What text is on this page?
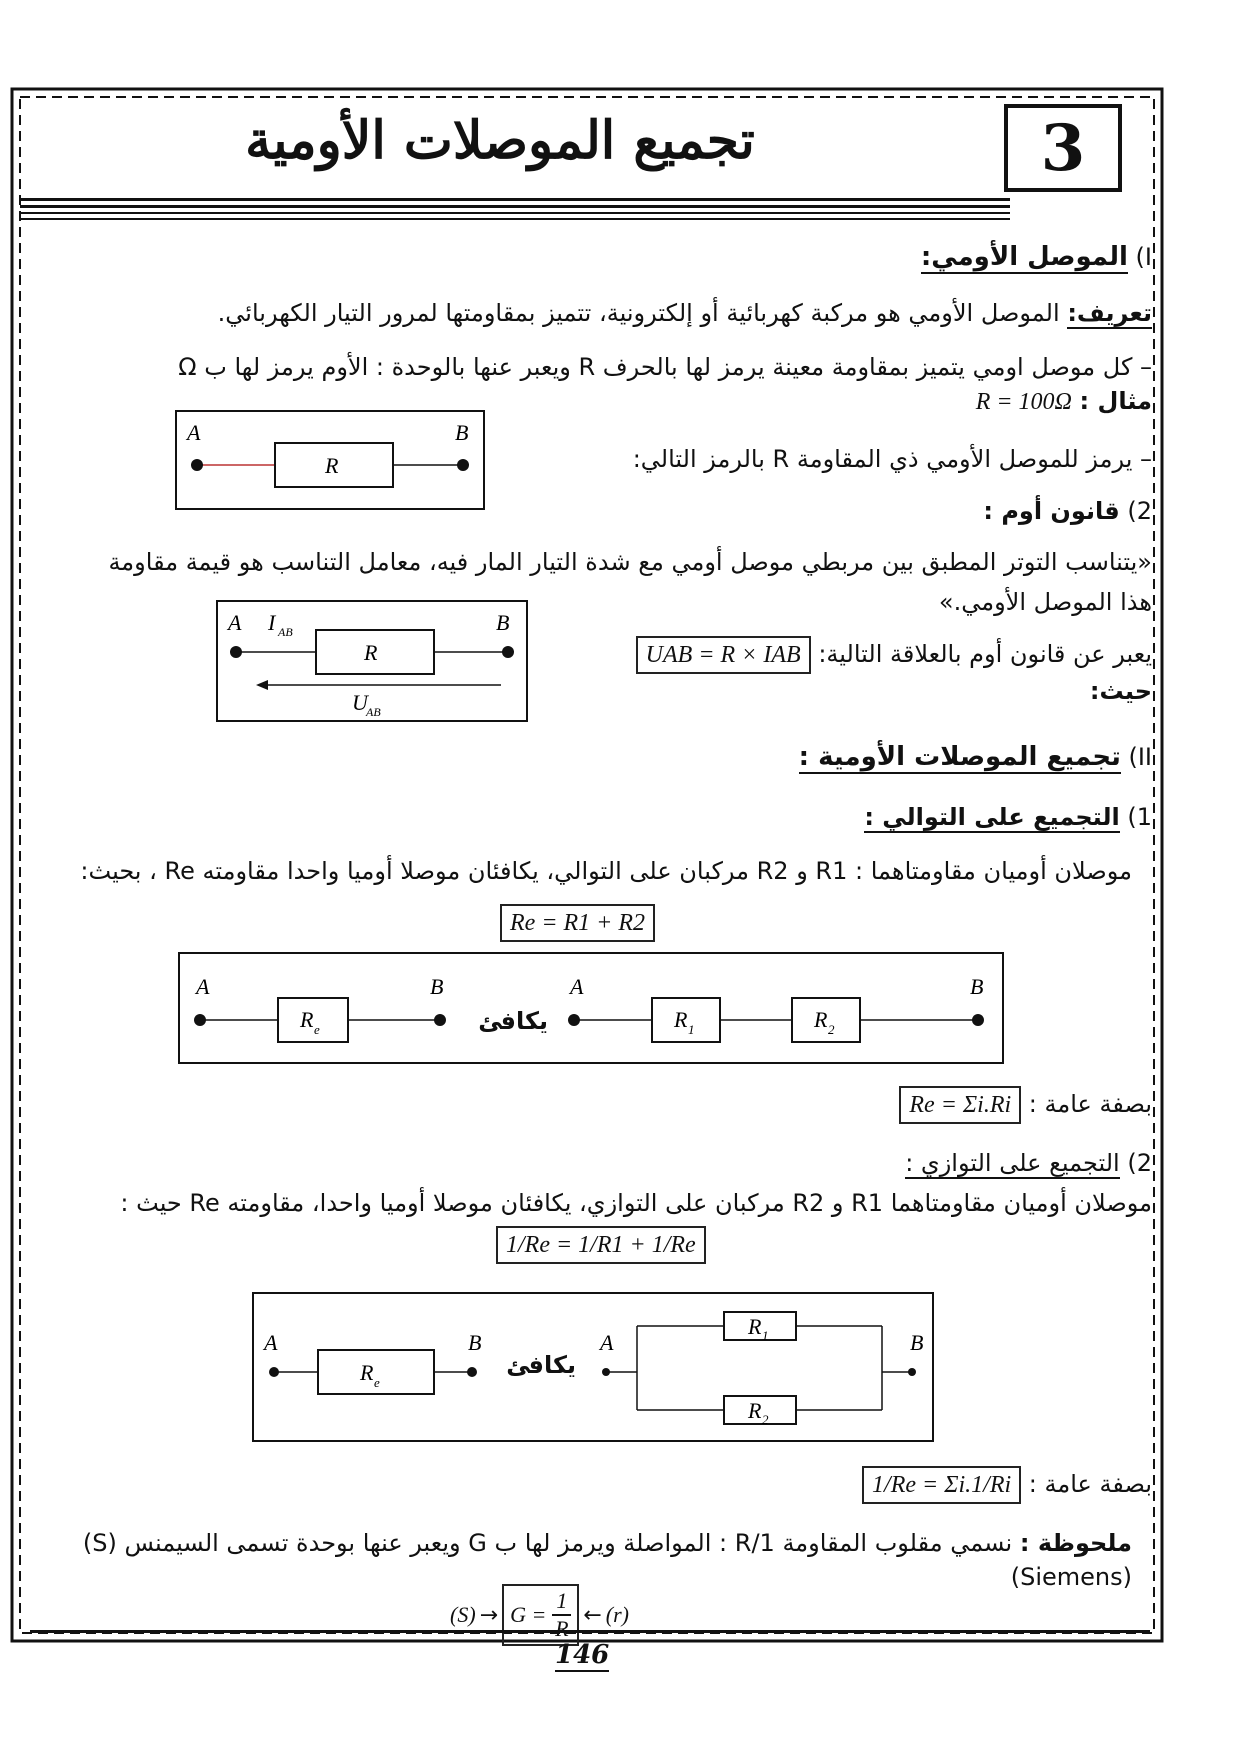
3
تجميع الموصلات الأومية
I) الموصل الأومي:
تعريف: الموصل الأومي هو مركبة كهربائية أو إلكترونية، تتميز بمقاومتها لمرور التيار الكهربائي.
– كل موصل اومي يتميز بمقاومة معينة يرمز لها بالحرف R ويعبر عنها بالوحدة : الأوم يرمز لها ب Ω
مثال : R = 100Ω
– يرمز للموصل الأومي ذي المقاومة R بالرمز التالي:
A	B
R
2) قانون أوم :
«يتناسب التوتر المطبق بين مربطي موصل أومي مع شدة التيار المار فيه، معامل التناسب هو قيمة مقاومة هذا الموصل الأومي.»
A	B
R
I AB
U
AB
يعبر عن قانون أوم بالعلاقة التالية: UAB = R × IAB حيث:
II) تجميع الموصلات الأومية :
1) التجميع على التوالي :
موصلان أوميان مقاومتاهما : R1 و R2 مركبان على التوالي، يكافئان موصلا أوميا واحدا مقاومته Re ، بحيث:
Re = R1 + R2
A	B
R e
A	B
R 1	R 2
يكافئ
بصفة عامة : Re = Σi.Ri
2) التجميع على التوازي :
موصلان أوميان مقاومتاهما R1 و R2 مركبان على التوازي، يكافئان موصلا أوميا واحدا، مقاومته Re حيث :
1/Re = 1/R1 + 1/Re
A	B
R e
A	B
R 1
R 2
يكافئ
بصفة عامة : 1/Re = Σi.1/Ri
ملحوظة : نسمي مقلوب المقاومة 1/R : المواصلة ويرمز لها ب G ويعبر عنها بوحدة تسمى السيمنس (S)(Siemens)
$(S) \to G = \frac{1}{R}$ ← (r)
146
